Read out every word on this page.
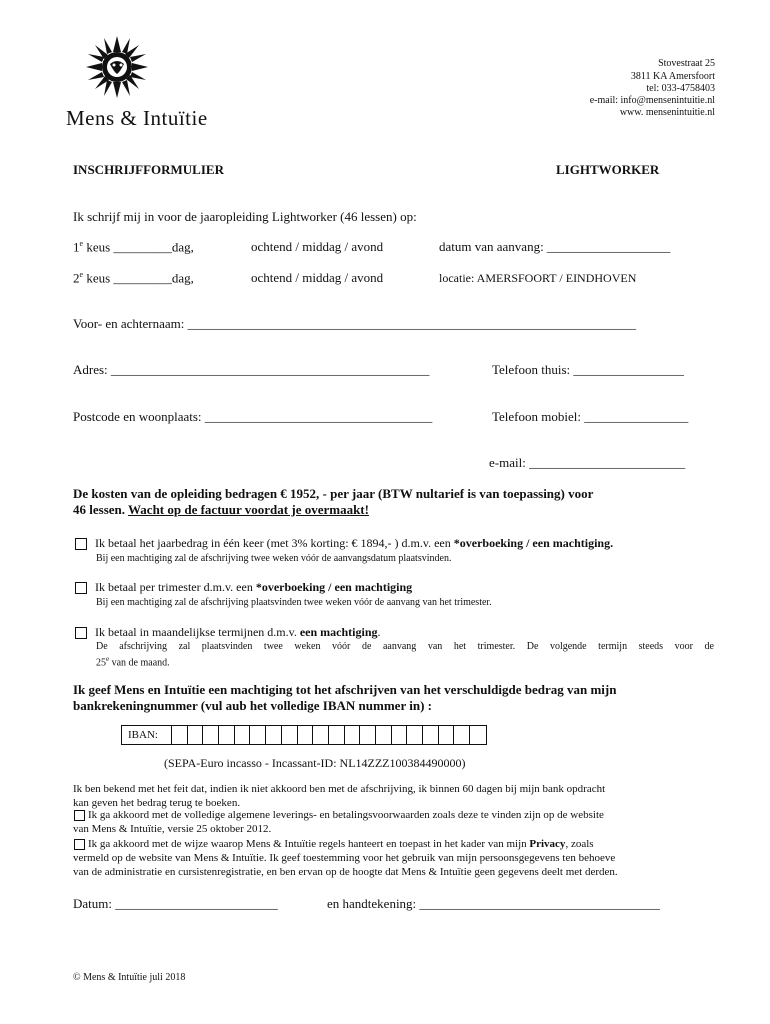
Mens & Intuïtie
Stovestraat 25
3811 KA Amersfoort
tel: 033-4758403
e-mail: info@mensenintuitie.nl
www. mensenintuitie.nl
INSCHRIJFFORMULIER	LIGHTWORKER
Ik schrijf mij in voor de jaaropleiding Lightworker (46 lessen) op:
1e keus _________dag,	ochtend / middag / avond	datum van aanvang: ___________________
2e keus _________dag,	ochtend / middag / avond	locatie: AMERSFOORT / EINDHOVEN
Voor- en achternaam: _____________________________________________________________________
Adres: _________________________________________________	Telefoon thuis: _________________
Postcode en woonplaats: ___________________________________	Telefoon mobiel: ________________
e-mail: ________________________
De kosten van de opleiding bedragen € 1952, - per jaar (BTW nultarief is van toepassing) voor
46 lessen. Wacht op de factuur voordat je overmaakt!
Ik betaal het jaarbedrag in één keer (met 3% korting: € 1894,- ) d.m.v. een *overboeking / een machtiging.
Bij een machtiging zal de afschrijving twee weken vóór de aanvangsdatum plaatsvinden.
Ik betaal per trimester d.m.v. een *overboeking / een machtiging
Bij een machtiging zal de afschrijving plaatsvinden twee weken vóór de aanvang van het trimester.
Ik betaal in maandelijkse termijnen d.m.v. een machtiging.
De afschrijving zal plaatsvinden twee weken vóór de aanvang van het trimester. De volgende termijn steeds voor de
25e van de maand.
Ik geef Mens en Intuïtie een machtiging tot het afschrijven van het verschuldigde bedrag van mijn
bankrekeningnummer (vul aub het volledige IBAN nummer in) :
IBAN:
(SEPA-Euro incasso - Incassant-ID: NL14ZZZ100384490000)
Ik ben bekend met het feit dat, indien ik niet akkoord ben met de afschrijving, ik binnen 60 dagen bij mijn bank opdracht
kan geven het bedrag terug te boeken.
Ik ga akkoord met de volledige algemene leverings- en betalingsvoorwaarden zoals deze te vinden zijn op de website
van Mens & Intuïtie, versie 25 oktober 2012.
Ik ga akkoord met de wijze waarop Mens & Intuïtie regels hanteert en toepast in het kader van mijn Privacy, zoals
vermeld op de website van Mens & Intuïtie. Ik geef toestemming voor het gebruik van mijn persoonsgegevens ten behoeve
van de administratie en cursistenregistratie, en ben ervan op de hoogte dat Mens & Intuïtie geen gegevens deelt met derden.
Datum: _________________________	en handtekening: _____________________________________
© Mens & Intuïtie juli 2018
